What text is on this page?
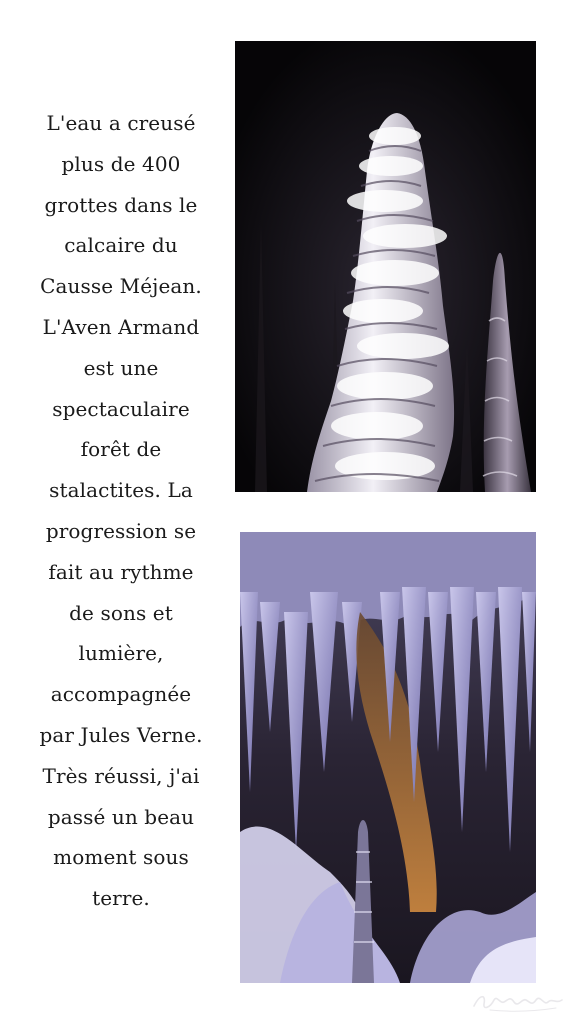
L'eau a creusé
plus de 400
grottes dans le
calcaire du
Causse Méjean.
L'Aven Armand
est une
spectaculaire
forêt de
stalactites. La
progression se
fait au rythme
de sons et
lumière,
accompagnée
par Jules Verne.
Très réussi, j'ai
passé un beau
moment sous
terre.
